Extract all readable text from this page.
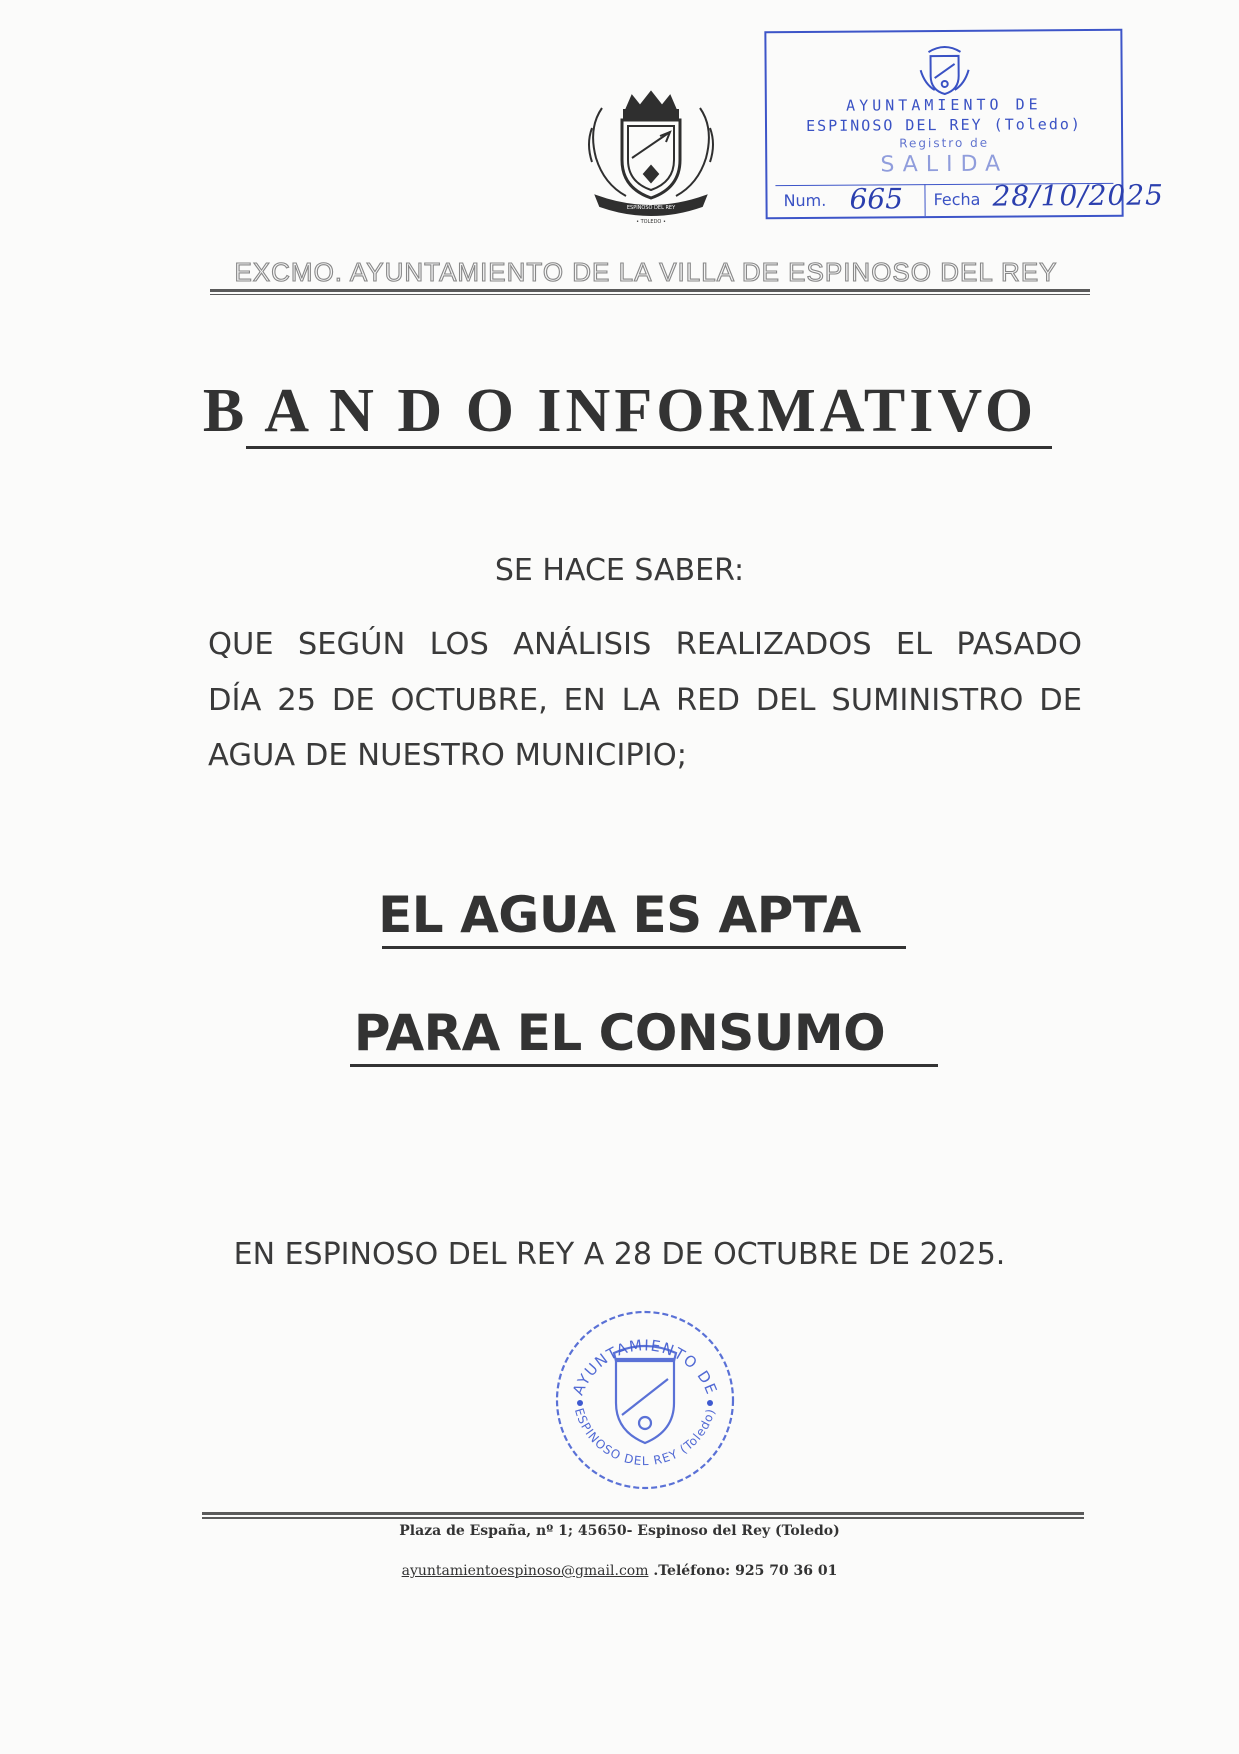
AYUNTAMIENTO DE
ESPINOSO DEL REY (Toledo)
Registro de
SALIDA
Num. 665 Fecha 28/10/2025
ESPINOSO DEL REY
• TOLEDO •
EXCMO. AYUNTAMIENTO DE LA VILLA DE ESPINOSO DEL REY
B A N D O INFORMATIVO
SE HACE SABER:
QUE SEGÚN LOS ANÁLISIS REALIZADOS EL PASADO
DÍA 25 DE OCTUBRE, EN LA RED DEL SUMINISTRO DE
AGUA DE NUESTRO MUNICIPIO;
EL AGUA ES APTA
PARA EL CONSUMO
EN ESPINOSO DEL REY A 28 DE OCTUBRE DE 2025.
AYUNTAMIENTO DE
ESPINOSO DEL REY (Toledo)
Plaza de España, nº 1; 45650- Espinoso del Rey (Toledo)
ayuntamientoespinoso@gmail.com .Teléfono: 925 70 36 01
